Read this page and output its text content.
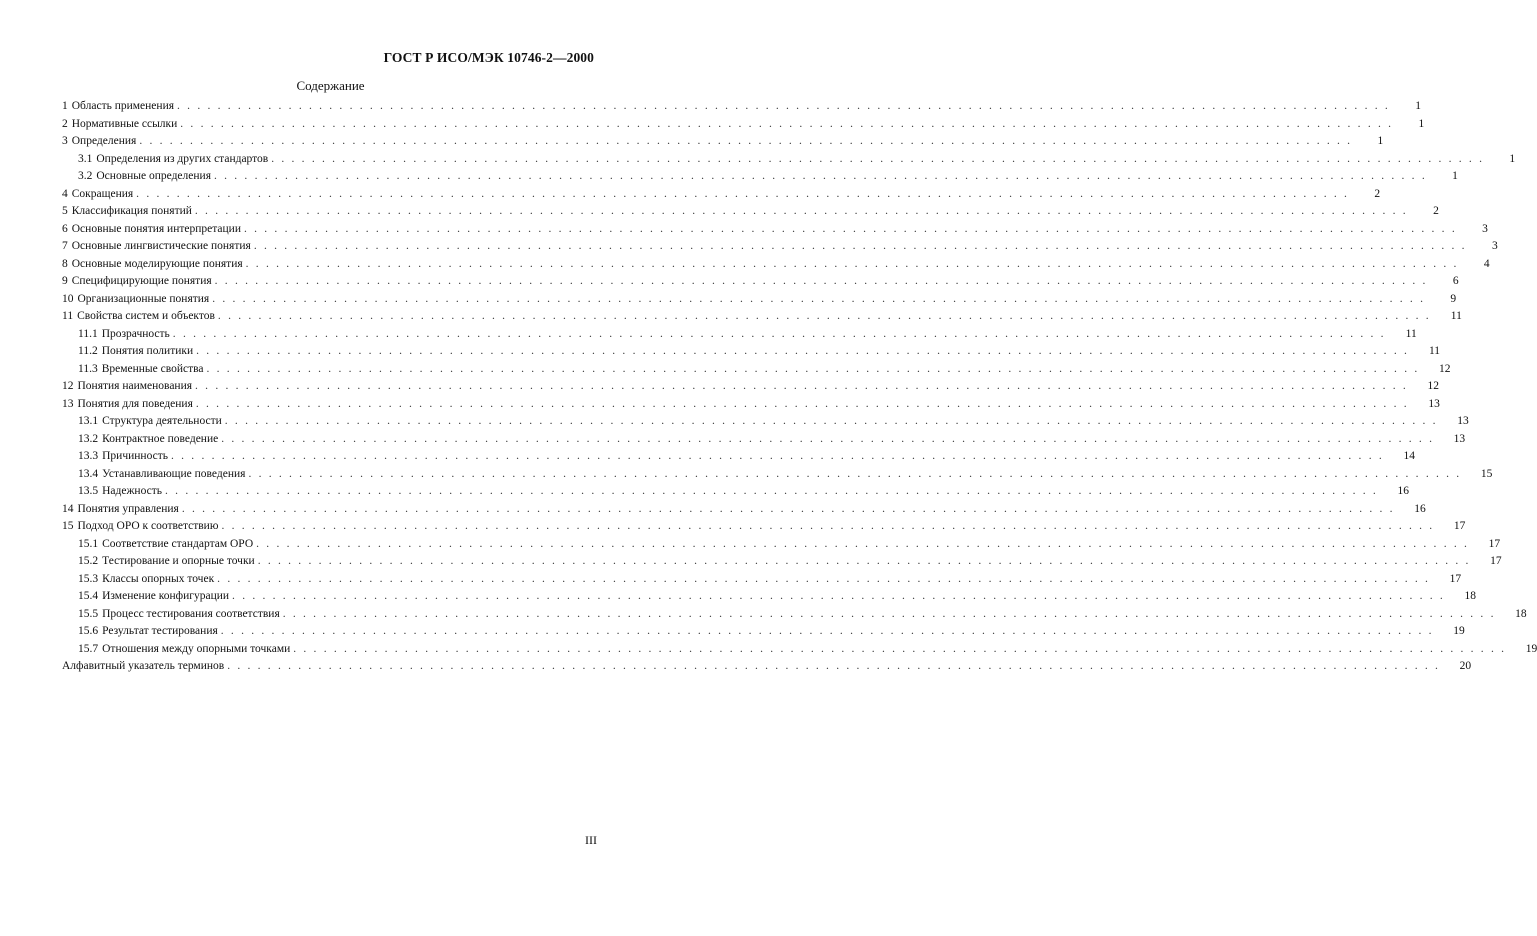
ГОСТ Р ИСО/МЭК 10746-2—2000
Содержание
1 Область применения . . . . . . . . . . . . . . . . . . . . . . . . . . . . . . . . . . . . . . . . . . . . . . . . . . . . . . . . . . . . . . . . . . . . . . . . . . . . . . . . . . . . . . . . . . . . . . . . . . . . . . . . . . . . . . . . . . . . . . . .	1
2 Нормативные ссылки . . . . . . . . . . . . . . . . . . . . . . . . . . . . . . . . . . . . . . . . . . . . . . . . . . . . . . . . . . . . . . . . . . . . . . . . . . . . . . . . . . . . . . . . . . . . . . . . . . . . . . . . . . . . . . . . . . . . . . . .	1
3 Определения . . . . . . . . . . . . . . . . . . . . . . . . . . . . . . . . . . . . . . . . . . . . . . . . . . . . . . . . . . . . . . . . . . . . . . . . . . . . . . . . . . . . . . . . . . . . . . . . . . . . . . . . . . . . . . . . . . . . . . . .	1
3.1 Определения из других стандартов . . . . . . . . . . . . . . . . . . . . . . . . . . . . . . . . . . . . . . . . . . . . . . . . . . . . . . . . . . . . . . . . . . . . . . . . . . . . . . . . . . . . . . . . . . . . . . . . . . . . . . . . . . . . . . . . . . . . . . . .	1
3.2 Основные определения . . . . . . . . . . . . . . . . . . . . . . . . . . . . . . . . . . . . . . . . . . . . . . . . . . . . . . . . . . . . . . . . . . . . . . . . . . . . . . . . . . . . . . . . . . . . . . . . . . . . . . . . . . . . . . . . . . . . . . . .	1
4 Сокращения . . . . . . . . . . . . . . . . . . . . . . . . . . . . . . . . . . . . . . . . . . . . . . . . . . . . . . . . . . . . . . . . . . . . . . . . . . . . . . . . . . . . . . . . . . . . . . . . . . . . . . . . . . . . . . . . . . . . . . . .	2
5 Классификация понятий . . . . . . . . . . . . . . . . . . . . . . . . . . . . . . . . . . . . . . . . . . . . . . . . . . . . . . . . . . . . . . . . . . . . . . . . . . . . . . . . . . . . . . . . . . . . . . . . . . . . . . . . . . . . . . . . . . . . . . . .	2
6 Основные понятия интерпретации . . . . . . . . . . . . . . . . . . . . . . . . . . . . . . . . . . . . . . . . . . . . . . . . . . . . . . . . . . . . . . . . . . . . . . . . . . . . . . . . . . . . . . . . . . . . . . . . . . . . . . . . . . . . . . . . . . . . . . . .	3
7 Основные лингвистические понятия . . . . . . . . . . . . . . . . . . . . . . . . . . . . . . . . . . . . . . . . . . . . . . . . . . . . . . . . . . . . . . . . . . . . . . . . . . . . . . . . . . . . . . . . . . . . . . . . . . . . . . . . . . . . . . . . . . . . . . . .	3
8 Основные моделирующие понятия . . . . . . . . . . . . . . . . . . . . . . . . . . . . . . . . . . . . . . . . . . . . . . . . . . . . . . . . . . . . . . . . . . . . . . . . . . . . . . . . . . . . . . . . . . . . . . . . . . . . . . . . . . . . . . . . . . . . . . . .	4
9 Специфицирующие понятия . . . . . . . . . . . . . . . . . . . . . . . . . . . . . . . . . . . . . . . . . . . . . . . . . . . . . . . . . . . . . . . . . . . . . . . . . . . . . . . . . . . . . . . . . . . . . . . . . . . . . . . . . . . . . . . . . . . . . . . .	6
10 Организационные понятия . . . . . . . . . . . . . . . . . . . . . . . . . . . . . . . . . . . . . . . . . . . . . . . . . . . . . . . . . . . . . . . . . . . . . . . . . . . . . . . . . . . . . . . . . . . . . . . . . . . . . . . . . . . . . . . . . . . . . . . .	9
11 Свойства систем и объектов . . . . . . . . . . . . . . . . . . . . . . . . . . . . . . . . . . . . . . . . . . . . . . . . . . . . . . . . . . . . . . . . . . . . . . . . . . . . . . . . . . . . . . . . . . . . . . . . . . . . . . . . . . . . . . . . . . . . . . . .	11
11.1 Прозрачность . . . . . . . . . . . . . . . . . . . . . . . . . . . . . . . . . . . . . . . . . . . . . . . . . . . . . . . . . . . . . . . . . . . . . . . . . . . . . . . . . . . . . . . . . . . . . . . . . . . . . . . . . . . . . . . . . . . . . . . .	11
11.2 Понятия политики . . . . . . . . . . . . . . . . . . . . . . . . . . . . . . . . . . . . . . . . . . . . . . . . . . . . . . . . . . . . . . . . . . . . . . . . . . . . . . . . . . . . . . . . . . . . . . . . . . . . . . . . . . . . . . . . . . . . . . . .	11
11.3 Временные свойства . . . . . . . . . . . . . . . . . . . . . . . . . . . . . . . . . . . . . . . . . . . . . . . . . . . . . . . . . . . . . . . . . . . . . . . . . . . . . . . . . . . . . . . . . . . . . . . . . . . . . . . . . . . . . . . . . . . . . . . .	12
12 Понятия наименования . . . . . . . . . . . . . . . . . . . . . . . . . . . . . . . . . . . . . . . . . . . . . . . . . . . . . . . . . . . . . . . . . . . . . . . . . . . . . . . . . . . . . . . . . . . . . . . . . . . . . . . . . . . . . . . . . . . . . . . .	12
13 Понятия для поведения . . . . . . . . . . . . . . . . . . . . . . . . . . . . . . . . . . . . . . . . . . . . . . . . . . . . . . . . . . . . . . . . . . . . . . . . . . . . . . . . . . . . . . . . . . . . . . . . . . . . . . . . . . . . . . . . . . . . . . . .	13
13.1 Структура деятельности . . . . . . . . . . . . . . . . . . . . . . . . . . . . . . . . . . . . . . . . . . . . . . . . . . . . . . . . . . . . . . . . . . . . . . . . . . . . . . . . . . . . . . . . . . . . . . . . . . . . . . . . . . . . . . . . . . . . . . . .	13
13.2 Контрактное поведение . . . . . . . . . . . . . . . . . . . . . . . . . . . . . . . . . . . . . . . . . . . . . . . . . . . . . . . . . . . . . . . . . . . . . . . . . . . . . . . . . . . . . . . . . . . . . . . . . . . . . . . . . . . . . . . . . . . . . . . .	13
13.3 Причинность . . . . . . . . . . . . . . . . . . . . . . . . . . . . . . . . . . . . . . . . . . . . . . . . . . . . . . . . . . . . . . . . . . . . . . . . . . . . . . . . . . . . . . . . . . . . . . . . . . . . . . . . . . . . . . . . . . . . . . . .	14
13.4 Устанавливающие поведения . . . . . . . . . . . . . . . . . . . . . . . . . . . . . . . . . . . . . . . . . . . . . . . . . . . . . . . . . . . . . . . . . . . . . . . . . . . . . . . . . . . . . . . . . . . . . . . . . . . . . . . . . . . . . . . . . . . . . . . .	15
13.5 Надежность . . . . . . . . . . . . . . . . . . . . . . . . . . . . . . . . . . . . . . . . . . . . . . . . . . . . . . . . . . . . . . . . . . . . . . . . . . . . . . . . . . . . . . . . . . . . . . . . . . . . . . . . . . . . . . . . . . . . . . . .	16
14 Понятия управления . . . . . . . . . . . . . . . . . . . . . . . . . . . . . . . . . . . . . . . . . . . . . . . . . . . . . . . . . . . . . . . . . . . . . . . . . . . . . . . . . . . . . . . . . . . . . . . . . . . . . . . . . . . . . . . . . . . . . . . .	16
15 Подход ОРО к соответствию . . . . . . . . . . . . . . . . . . . . . . . . . . . . . . . . . . . . . . . . . . . . . . . . . . . . . . . . . . . . . . . . . . . . . . . . . . . . . . . . . . . . . . . . . . . . . . . . . . . . . . . . . . . . . . . . . . . . . . . .	17
15.1 Соответствие стандартам ОРО . . . . . . . . . . . . . . . . . . . . . . . . . . . . . . . . . . . . . . . . . . . . . . . . . . . . . . . . . . . . . . . . . . . . . . . . . . . . . . . . . . . . . . . . . . . . . . . . . . . . . . . . . . . . . . . . . . . . . . . .	17
15.2 Тестирование и опорные точки . . . . . . . . . . . . . . . . . . . . . . . . . . . . . . . . . . . . . . . . . . . . . . . . . . . . . . . . . . . . . . . . . . . . . . . . . . . . . . . . . . . . . . . . . . . . . . . . . . . . . . . . . . . . . . . . . . . . . . . .	17
15.3 Классы опорных точек . . . . . . . . . . . . . . . . . . . . . . . . . . . . . . . . . . . . . . . . . . . . . . . . . . . . . . . . . . . . . . . . . . . . . . . . . . . . . . . . . . . . . . . . . . . . . . . . . . . . . . . . . . . . . . . . . . . . . . . .	17
15.4 Изменение конфигурации . . . . . . . . . . . . . . . . . . . . . . . . . . . . . . . . . . . . . . . . . . . . . . . . . . . . . . . . . . . . . . . . . . . . . . . . . . . . . . . . . . . . . . . . . . . . . . . . . . . . . . . . . . . . . . . . . . . . . . . .	18
15.5 Процесс тестирования соответствия . . . . . . . . . . . . . . . . . . . . . . . . . . . . . . . . . . . . . . . . . . . . . . . . . . . . . . . . . . . . . . . . . . . . . . . . . . . . . . . . . . . . . . . . . . . . . . . . . . . . . . . . . . . . . . . . . . . . . . . .	18
15.6 Результат тестирования . . . . . . . . . . . . . . . . . . . . . . . . . . . . . . . . . . . . . . . . . . . . . . . . . . . . . . . . . . . . . . . . . . . . . . . . . . . . . . . . . . . . . . . . . . . . . . . . . . . . . . . . . . . . . . . . . . . . . . . .	19
15.7 Отношения между опорными точками . . . . . . . . . . . . . . . . . . . . . . . . . . . . . . . . . . . . . . . . . . . . . . . . . . . . . . . . . . . . . . . . . . . . . . . . . . . . . . . . . . . . . . . . . . . . . . . . . . . . . . . . . . . . . . . . . . . . . . . .	19
Алфавитный указатель терминов . . . . . . . . . . . . . . . . . . . . . . . . . . . . . . . . . . . . . . . . . . . . . . . . . . . . . . . . . . . . . . . . . . . . . . . . . . . . . . . . . . . . . . . . . . . . . . . . . . . . . . . . . . . . . . . . . . . . . . . .	20
III
